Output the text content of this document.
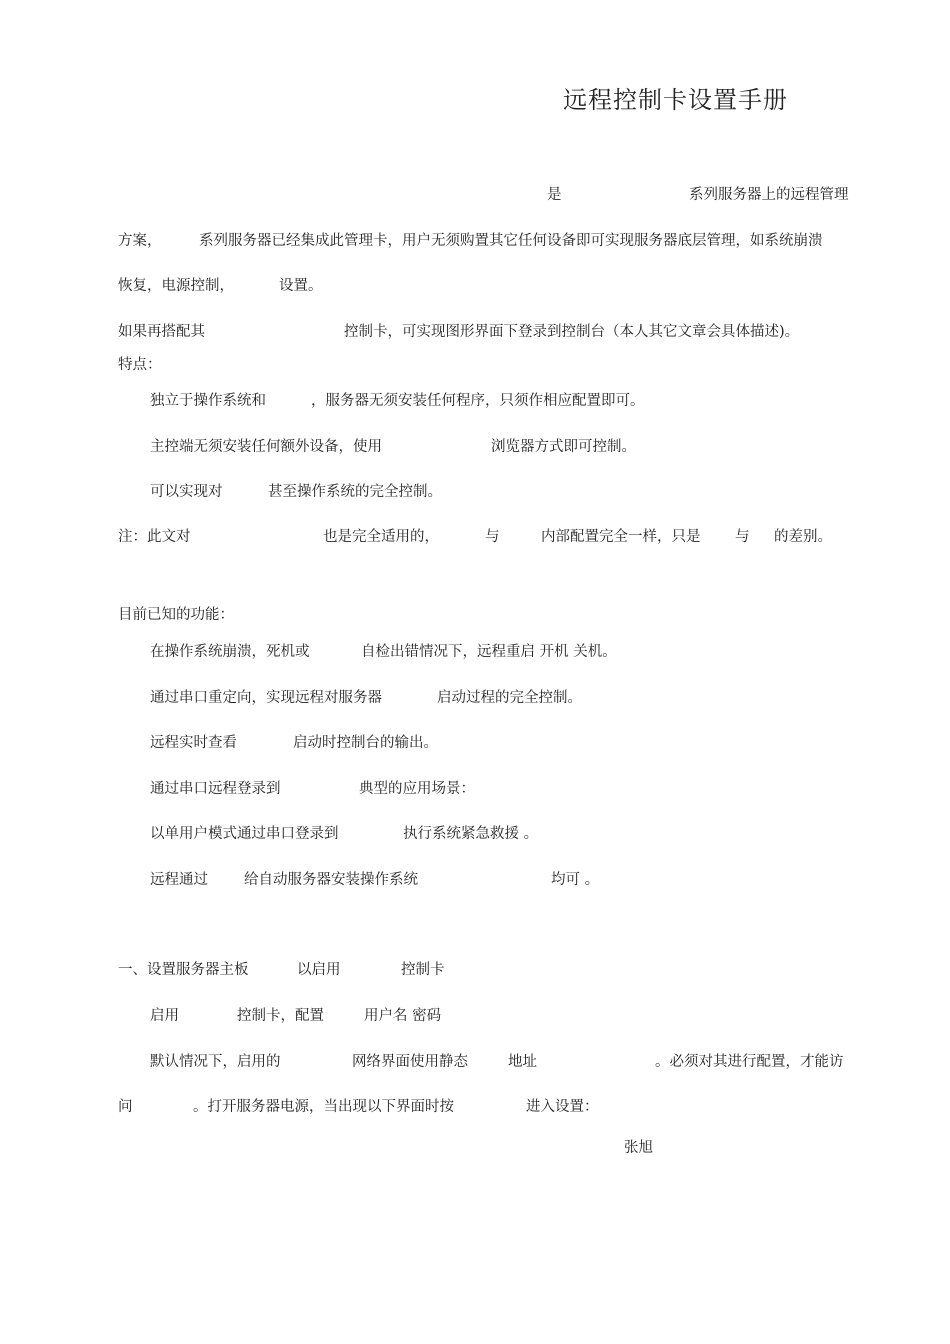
远程控制卡设置手册
是	系列服务器上的远程管理
方案，	系列服务器已经集成此管理卡，用户无须购置其它任何设备即可实现服务器底层管理，如系统崩溃
恢复，电源控制，	设置。
如果再搭配其	控制卡，可实现图形界面下登录到控制台（本人其它文章会具体描述)。
特点：
独立于操作系统和	，服务器无须安装任何程序，只须作相应配置即可。
主控端无须安装任何额外设备，使用	浏览器方式即可控制。
可以实现对	甚至操作系统的完全控制。
注：此文对	也是完全适用的，	与	内部配置完全一样，只是 与 的差别。
目前已知的功能：
在操作系统崩溃，死机或	自检出错情况下，远程重启 开机 关机。
通过串口重定向，实现远程对服务器	启动过程的完全控制。
远程实时查看	启动时控制台的输出。
通过串口远程登录到	典型的应用场景：
以单用户模式通过串口登录到	执行系统紧急救援 。
远程通过 给自动服务器安装操作系统	均可 。
一、设置服务器主板	以启用	控制卡
启用	控制卡，配置	用户名 密码
默认情况下，启用的	网络界面使用静态	地址	。必须对其进行配置，才能访
问	。打开服务器电源，当出现以下界面时按	进入设置：
张旭
